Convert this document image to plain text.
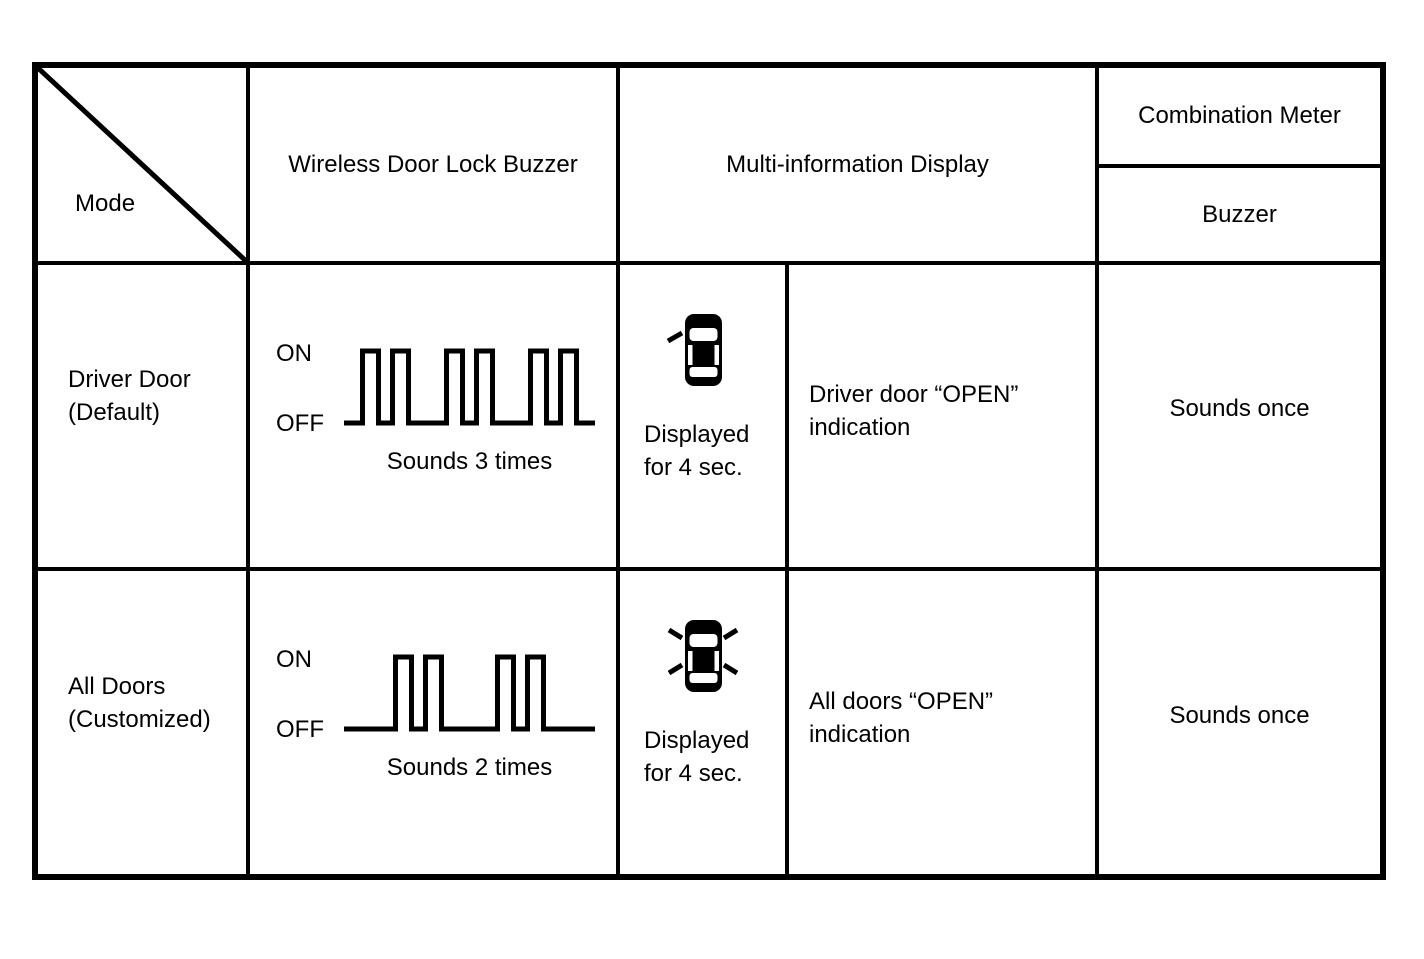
Mode
Wireless Door Lock Buzzer	Multi-information Display
Combination Meter
Buzzer
Driver Door
(Default)
ON
OFF
Sounds 3 times
Displayed
for 4 sec.
Driver door “OPEN”
indication
Sounds once
All Doors
(Customized)
ON
OFF
Sounds 2 times
Displayed
for 4 sec.
All doors “OPEN”
indication
Sounds once
